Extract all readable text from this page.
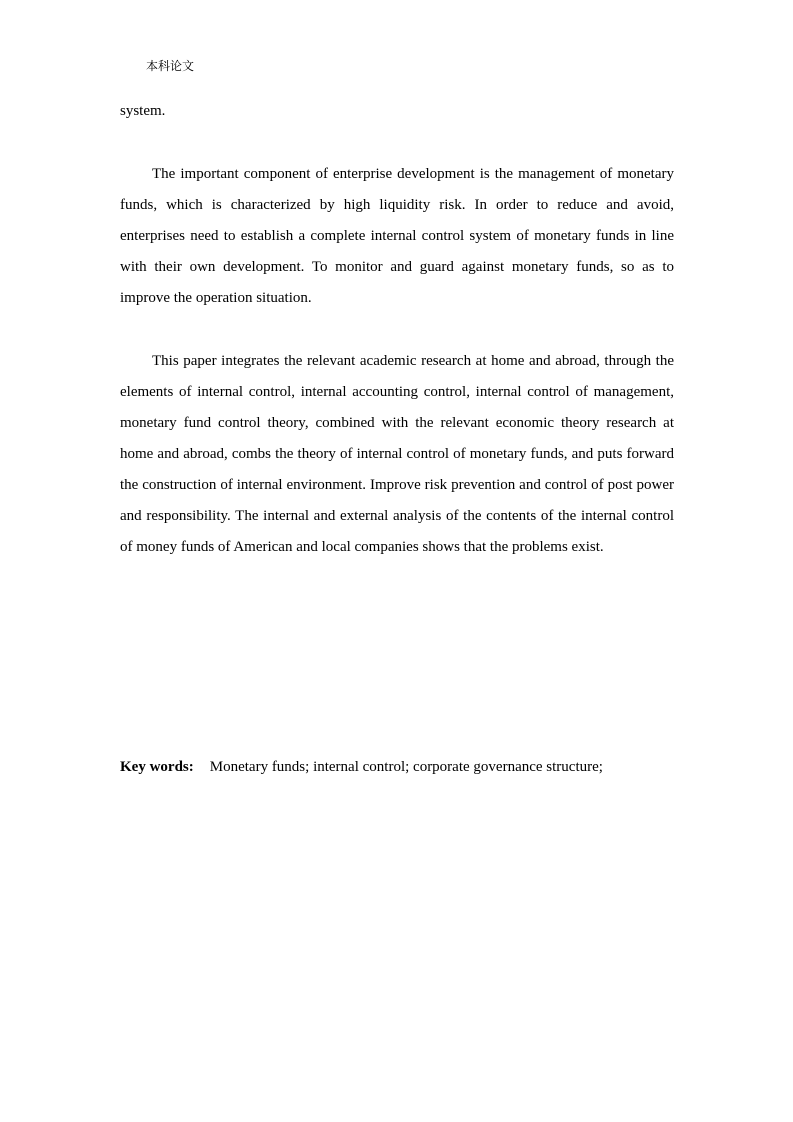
本科论文

system.

The important component of enterprise development is the management of monetary funds, which is characterized by high liquidity risk. In order to reduce and avoid, enterprises need to establish a complete internal control system of monetary funds in line with their own development. To monitor and guard against monetary funds, so as to improve the operation situation.

This paper integrates the relevant academic research at home and abroad, through the elements of internal control, internal accounting control, internal control of management, monetary fund control theory, combined with the relevant economic theory research at home and abroad, combs the theory of internal control of monetary funds, and puts forward the construction of internal environment. Improve risk prevention and control of post power and responsibility. The internal and external analysis of the contents of the internal control of money funds of American and local companies shows that the problems exist.

Key words: Monetary funds; internal control; corporate governance structure;
